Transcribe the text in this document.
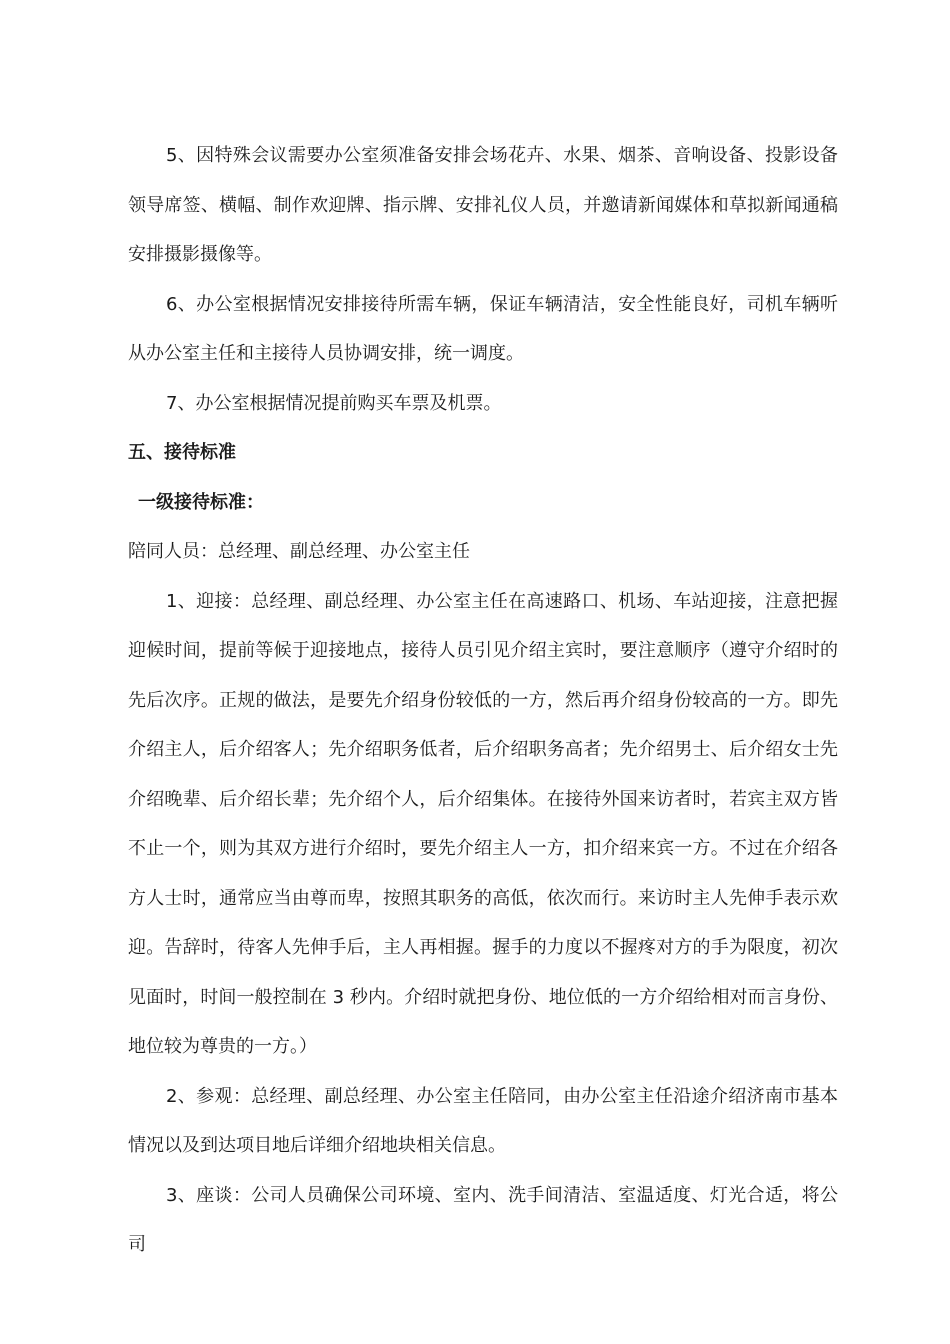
5、因特殊会议需要办公室须准备安排会场花卉、水果、烟茶、音响设备、投影设备领导席签、横幅、制作欢迎牌、指示牌、安排礼仪人员，并邀请新闻媒体和草拟新闻通稿安排摄影摄像等。

6、办公室根据情况安排接待所需车辆，保证车辆清洁，安全性能良好，司机车辆听从办公室主任和主接待人员协调安排，统一调度。

7、办公室根据情况提前购买车票及机票。

五、接待标准

一级接待标准：

陪同人员：总经理、副总经理、办公室主任

1、迎接：总经理、副总经理、办公室主任在高速路口、机场、车站迎接，注意把握迎候时间，提前等候于迎接地点，接待人员引见介绍主宾时，要注意顺序（遵守介绍时的先后次序。正规的做法，是要先介绍身份较低的一方，然后再介绍身份较高的一方。即先介绍主人，后介绍客人；先介绍职务低者，后介绍职务高者；先介绍男士、后介绍女士先介绍晚辈、后介绍长辈；先介绍个人，后介绍集体。在接待外国来访者时，若宾主双方皆不止一个，则为其双方进行介绍时，要先介绍主人一方，扣介绍来宾一方。不过在介绍各方人士时，通常应当由尊而卑，按照其职务的高低，依次而行。来访时主人先伸手表示欢迎。告辞时，待客人先伸手后，主人再相握。握手的力度以不握疼对方的手为限度，初次见面时，时间一般控制在 3 秒内。介绍时就把身份、地位低的一方介绍给相对而言身份、地位较为尊贵的一方。）

2、参观：总经理、副总经理、办公室主任陪同，由办公室主任沿途介绍济南市基本情况以及到达项目地后详细介绍地块相关信息。

3、座谈：公司人员确保公司环境、室内、洗手间清洁、室温适度、灯光合适，将公司
